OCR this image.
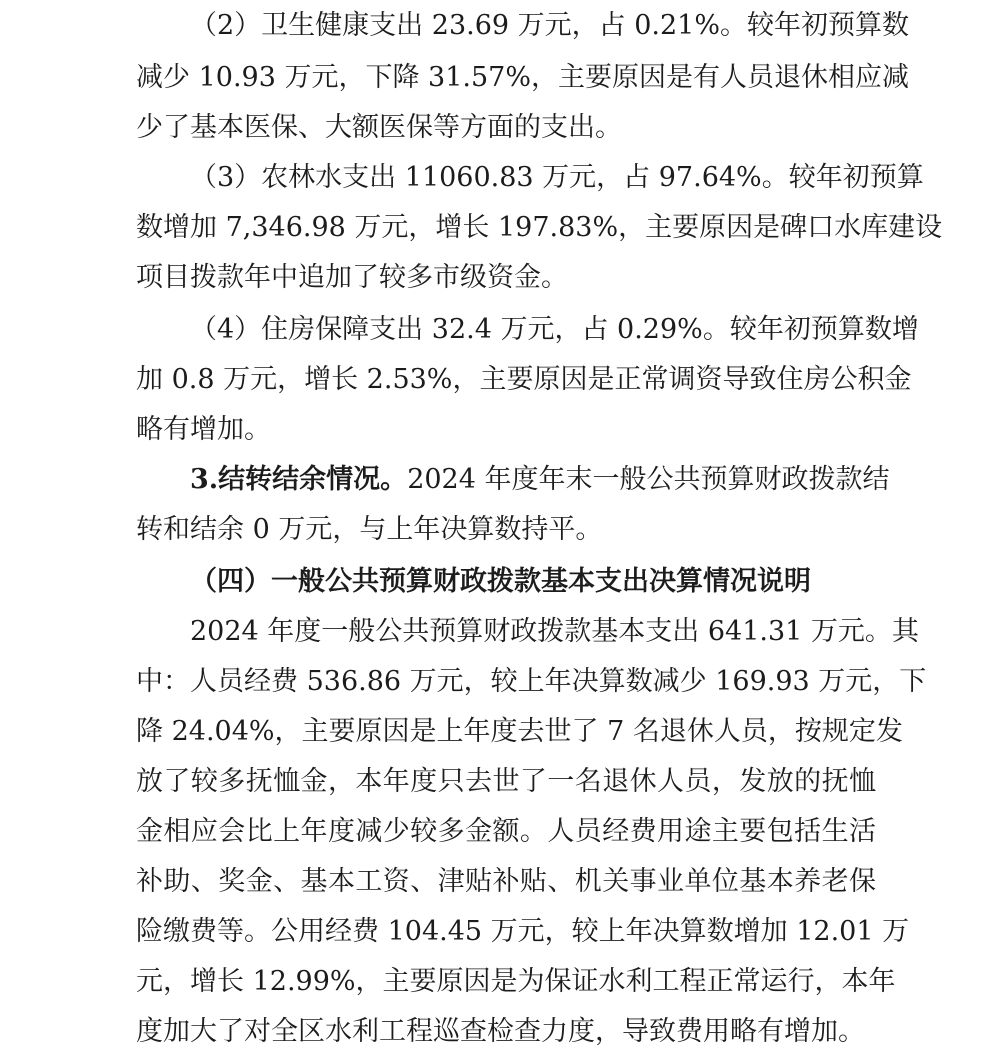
（2）卫生健康支出 23.69 万元，占 0.21%。较年初预算数
减少 10.93 万元，下降 31.57%，主要原因是有人员退休相应减
少了基本医保、大额医保等方面的支出。
（3）农林水支出 11060.83 万元，占 97.64%。较年初预算
数增加 7,346.98 万元，增长 197.83%，主要原因是碑口水库建设
项目拨款年中追加了较多市级资金。
（4）住房保障支出 32.4 万元，占 0.29%。较年初预算数增
加 0.8 万元，增长 2.53%，主要原因是正常调资导致住房公积金
略有增加。
3.结转结余情况。2024 年度年末一般公共预算财政拨款结
转和结余 0 万元，与上年决算数持平。
（四）一般公共预算财政拨款基本支出决算情况说明
2024 年度一般公共预算财政拨款基本支出 641.31 万元。其
中：人员经费 536.86 万元，较上年决算数减少 169.93 万元，下
降 24.04%，主要原因是上年度去世了 7 名退休人员，按规定发
放了较多抚恤金，本年度只去世了一名退休人员，发放的抚恤
金相应会比上年度减少较多金额。人员经费用途主要包括生活
补助、奖金、基本工资、津贴补贴、机关事业单位基本养老保
险缴费等。公用经费 104.45 万元，较上年决算数增加 12.01 万
元，增长 12.99%，主要原因是为保证水利工程正常运行，本年
度加大了对全区水利工程巡查检查力度，导致费用略有增加。
